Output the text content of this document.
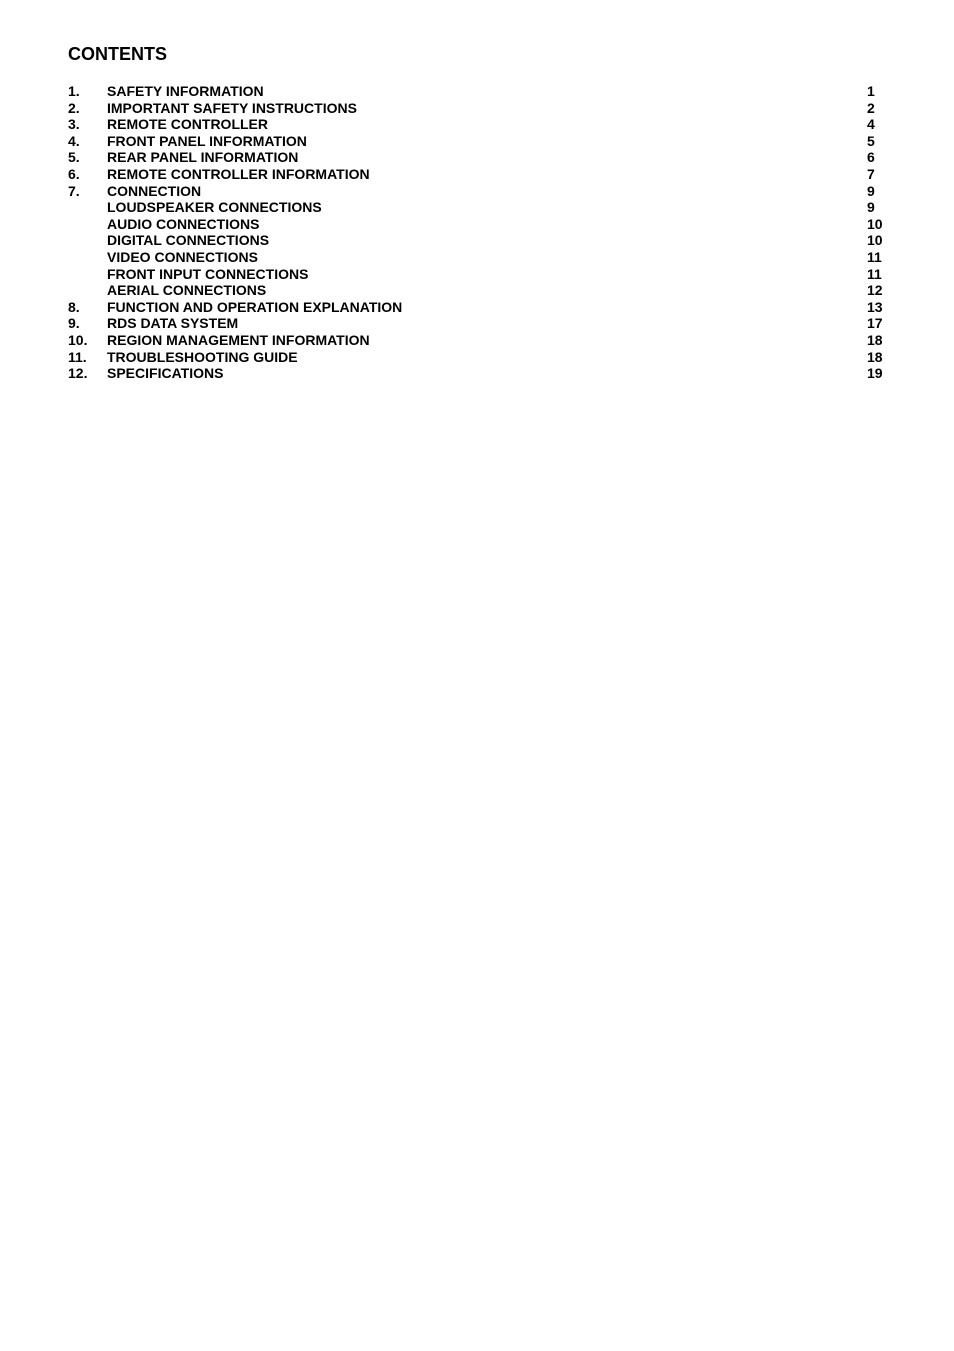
CONTENTS
1.	SAFETY INFORMATION	1
2.	IMPORTANT SAFETY INSTRUCTIONS	2
3.	REMOTE CONTROLLER	4
4.	FRONT PANEL INFORMATION	5
5.	REAR PANEL INFORMATION	6
6.	REMOTE CONTROLLER INFORMATION	7
7.	CONNECTION	9
LOUDSPEAKER CONNECTIONS	9
AUDIO CONNECTIONS	10
DIGITAL CONNECTIONS	10
VIDEO CONNECTIONS	11
FRONT INPUT CONNECTIONS	11
AERIAL CONNECTIONS	12
8.	FUNCTION AND OPERATION EXPLANATION	13
9.	RDS DATA SYSTEM	17
10.	REGION MANAGEMENT INFORMATION	18
11.	TROUBLESHOOTING GUIDE	18
12.	SPECIFICATIONS	19
